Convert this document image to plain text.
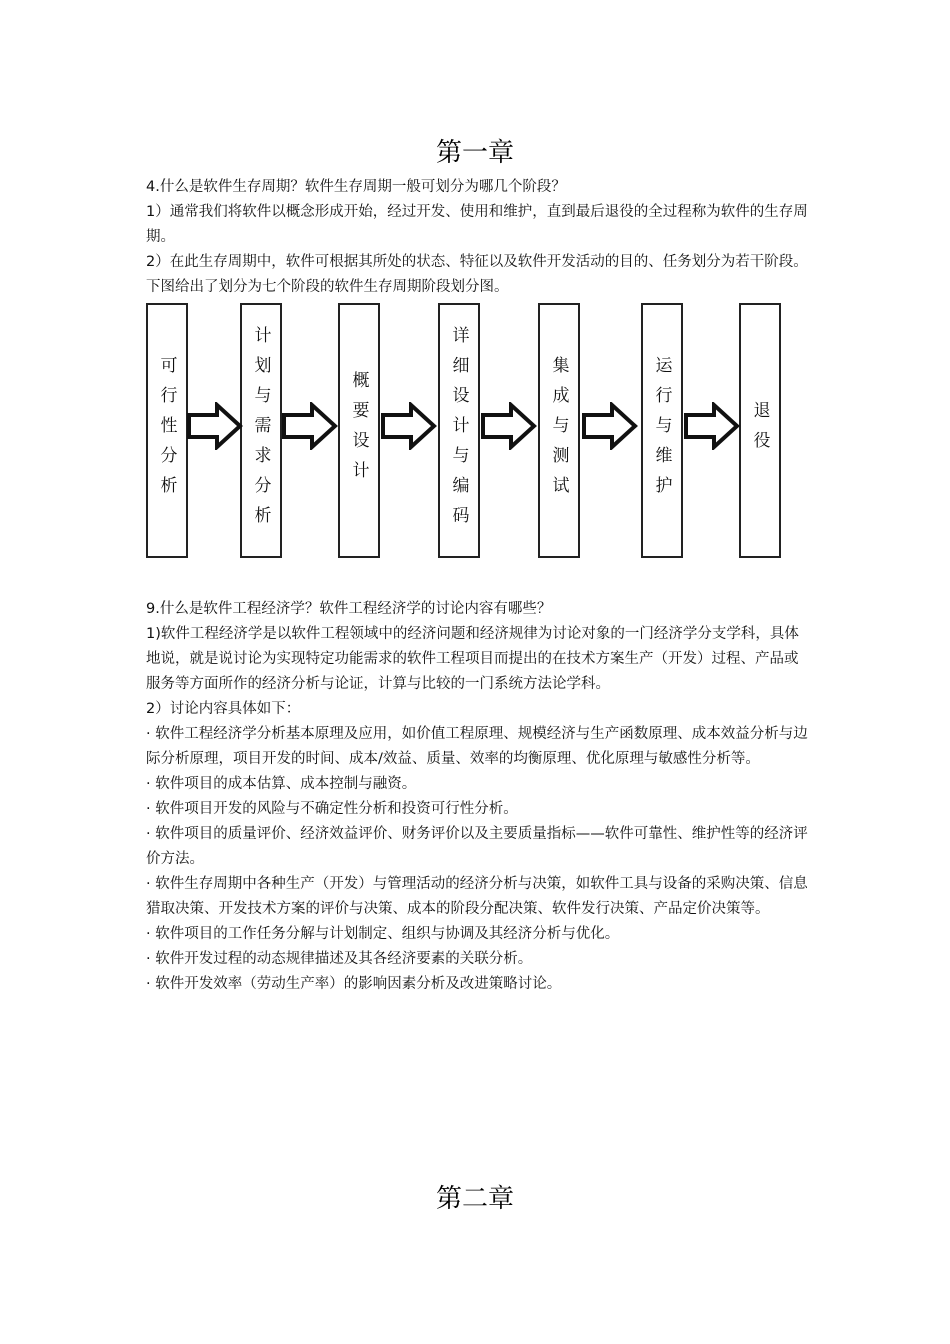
第一章

4.什么是软件生存周期？软件生存周期一般可划分为哪几个阶段？

1）通常我们将软件以概念形成开始，经过开发、使用和维护，直到最后退役的全过程称为软件的生存周期。

2）在此生存周期中，软件可根据其所处的状态、特征以及软件开发活动的目的、任务划分为若干阶段。下图给出了划分为七个阶段的软件生存周期阶段划分图。

可行性分析	计划与需求分析	概要设计	详细设计与编码	集成与测试	运行与维护	退役

9.什么是软件工程经济学？软件工程经济学的讨论内容有哪些？

1)软件工程经济学是以软件工程领域中的经济问题和经济规律为讨论对象的一门经济学分支学科，具体地说，就是说讨论为实现特定功能需求的软件工程项目而提出的在技术方案生产（开发）过程、产品或服务等方面所作的经济分析与论证，计算与比较的一门系统方法论学科。

2）讨论内容具体如下：

· 软件工程经济学分析基本原理及应用，如价值工程原理、规模经济与生产函数原理、成本效益分析与边际分析原理，项目开发的时间、成本/效益、质量、效率的均衡原理、优化原理与敏感性分析等。

· 软件项目的成本估算、成本控制与融资。

· 软件项目开发的风险与不确定性分析和投资可行性分析。

· 软件项目的质量评价、经济效益评价、财务评价以及主要质量指标——软件可靠性、维护性等的经济评价方法。

· 软件生存周期中各种生产（开发）与管理活动的经济分析与决策，如软件工具与设备的采购决策、信息猎取决策、开发技术方案的评价与决策、成本的阶段分配决策、软件发行决策、产品定价决策等。

· 软件项目的工作任务分解与计划制定、组织与协调及其经济分析与优化。

· 软件开发过程的动态规律描述及其各经济要素的关联分析。

· 软件开发效率（劳动生产率）的影响因素分析及改进策略讨论。

第二章
